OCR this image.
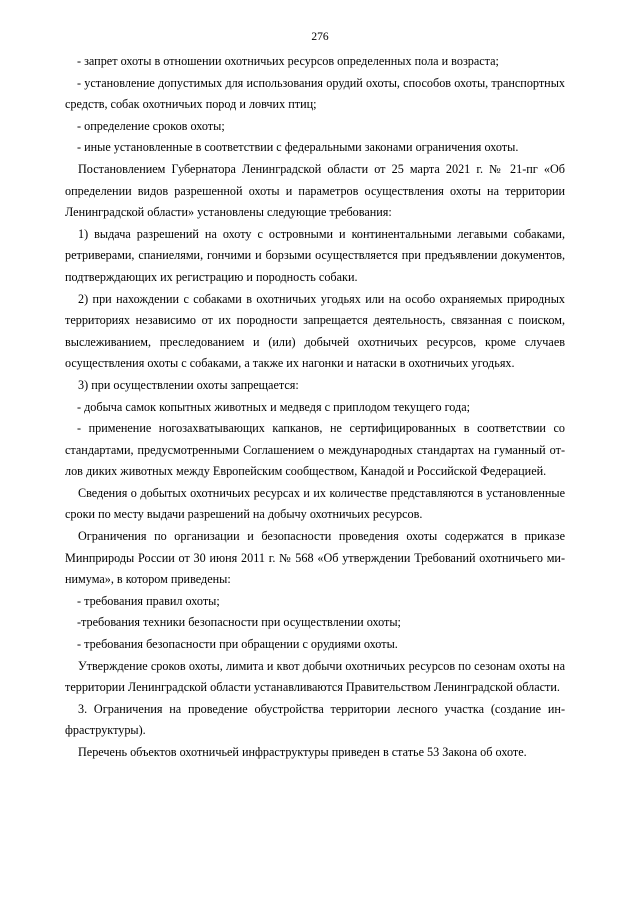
276

- запрет охоты в отношении охотничьих ресурсов определенных пола и возраста;

- установление допустимых для использования орудий охоты, способов охоты, транспортных средств, собак охотничьих пород и ловчих птиц;

- определение сроков охоты;

- иные установленные в соответствии с федеральными законами ограничения охоты.

Постановлением Губернатора Ленинградской области от 25 марта 2021 г. № 21-пг «Об определении видов разрешенной охоты и параметров осуществления охоты на территории Ленинградской области» установлены следующие требования:

1) выдача разрешений на охоту с островными и континентальными легавыми собаками, ретриверами, спаниелями, гончими и борзыми осуществляется при предъявлении документов, подтверждающих их регистрацию и породность собаки.

2) при нахождении с собаками в охотничьих угодьях или на особо охраняемых природных территориях независимо от их породности запрещается деятельность, связанная с поиском, выслеживанием, преследованием и (или) добычей охотничьих ресурсов, кроме случаев осуществления охоты с собаками, а также их нагонки и натаски в охотничьих угодьях.

3) при осуществлении охоты запрещается:

- добыча самок копытных животных и медведя с приплодом текущего года;

- применение ногозахватывающих капканов, не сертифицированных в соответствии со стандартами, предусмотренными Соглашением о международных стандартах на гуманный отлов диких животных между Европейским сообществом, Канадой и Российской Федерацией.

Сведения о добытых охотничьих ресурсах и их количестве представляются в установленные сроки по месту выдачи разрешений на добычу охотничьих ресурсов.

Ограничения по организации и безопасности проведения охоты содержатся в приказе Минприроды России от 30 июня 2011 г. № 568 «Об утверждении Требований охотничьего минимума», в котором приведены:

- требования правил охоты;

-требования техники безопасности при осуществлении охоты;

- требования безопасности при обращении с орудиями охоты.

Утверждение сроков охоты, лимита и квот добычи охотничьих ресурсов по сезонам охоты на территории Ленинградской области устанавливаются Правительством Ленинградской области.

3. Ограничения на проведение обустройства территории лесного участка (создание инфраструктуры).

Перечень объектов охотничьей инфраструктуры приведен в статье 53 Закона об охоте.
